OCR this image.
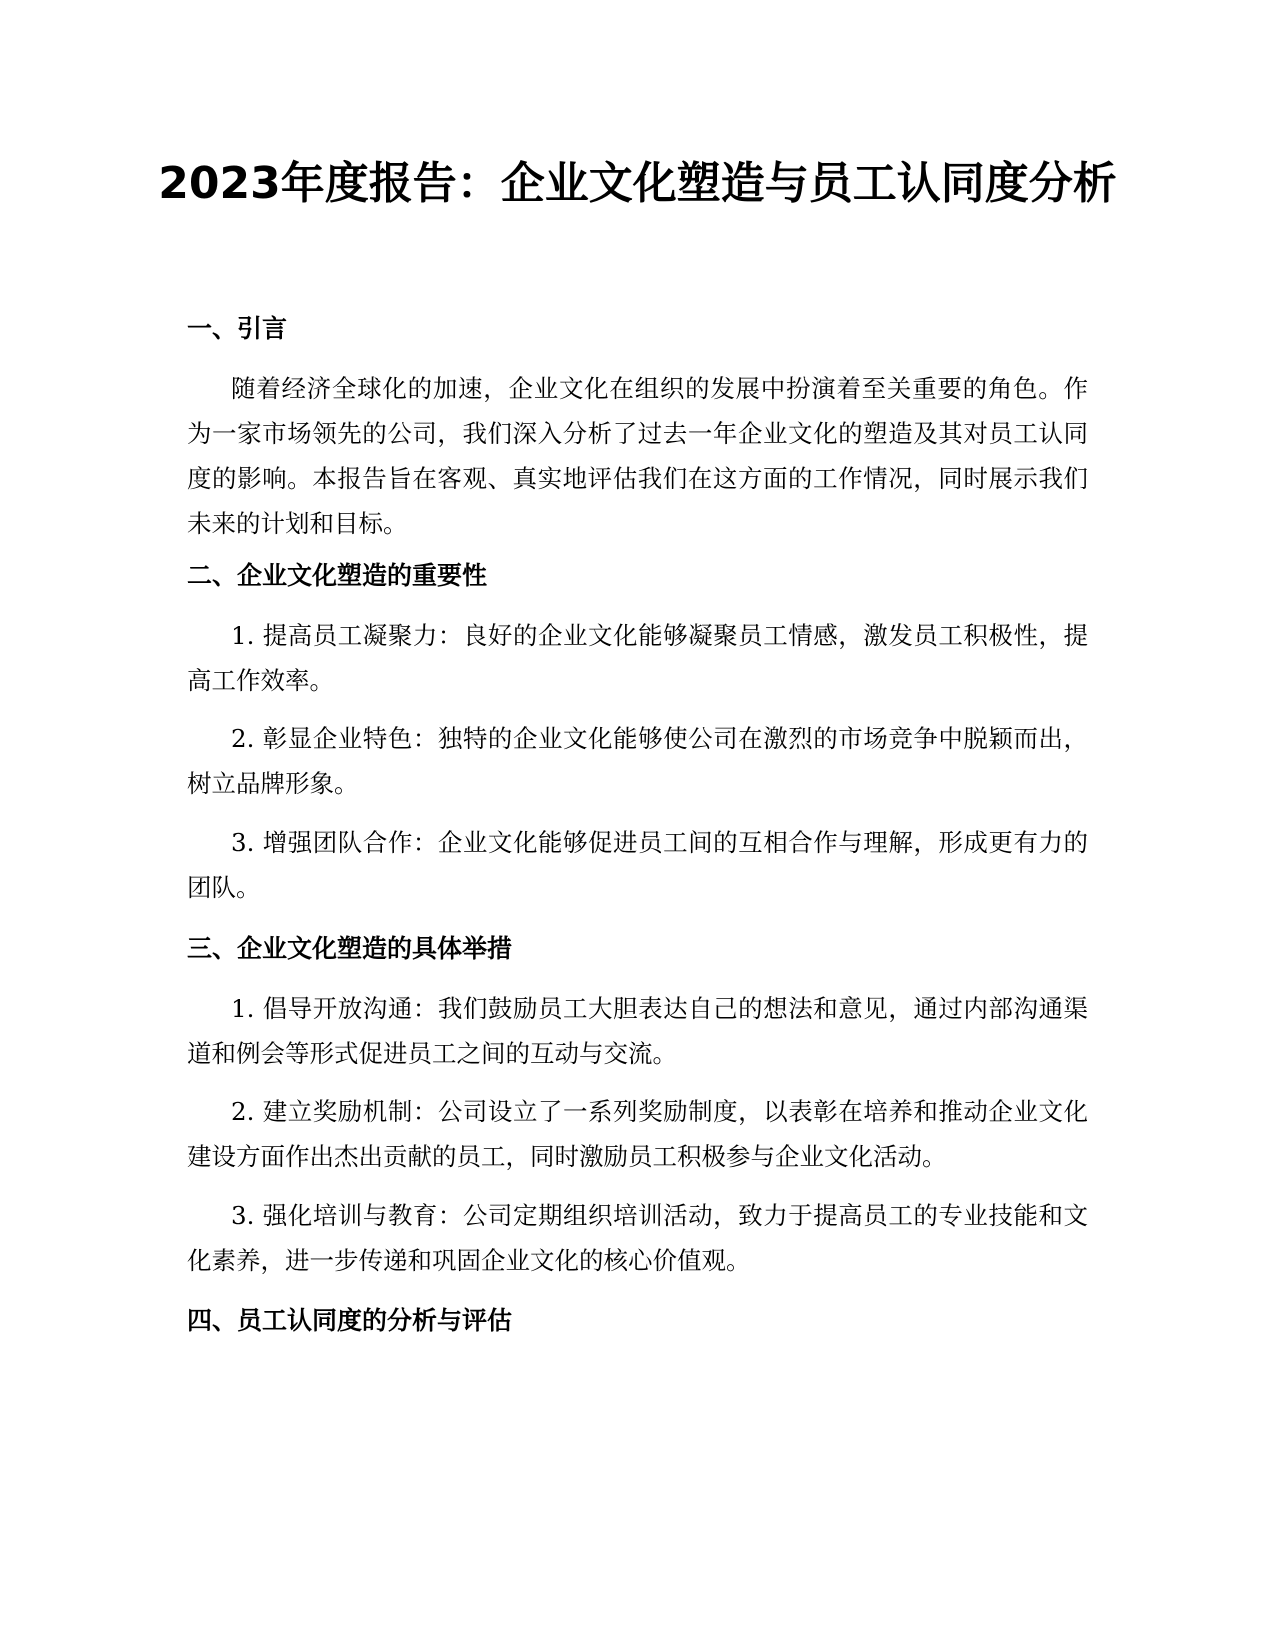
2023年度报告：企业文化塑造与员工认同度分析
一、引言

随着经济全球化的加速，企业文化在组织的发展中扮演着至关重要的角色。作为一家市场领先的公司，我们深入分析了过去一年企业文化的塑造及其对员工认同度的影响。本报告旨在客观、真实地评估我们在这方面的工作情况，同时展示我们未来的计划和目标。

二、企业文化塑造的重要性

1. 提高员工凝聚力：良好的企业文化能够凝聚员工情感，激发员工积极性，提高工作效率。

2. 彰显企业特色：独特的企业文化能够使公司在激烈的市场竞争中脱颖而出，树立品牌形象。

3. 增强团队合作：企业文化能够促进员工间的互相合作与理解，形成更有力的团队。

三、企业文化塑造的具体举措

1. 倡导开放沟通：我们鼓励员工大胆表达自己的想法和意见，通过内部沟通渠道和例会等形式促进员工之间的互动与交流。

2. 建立奖励机制：公司设立了一系列奖励制度，以表彰在培养和推动企业文化建设方面作出杰出贡献的员工，同时激励员工积极参与企业文化活动。

3. 强化培训与教育：公司定期组织培训活动，致力于提高员工的专业技能和文化素养，进一步传递和巩固企业文化的核心价值观。

四、员工认同度的分析与评估
